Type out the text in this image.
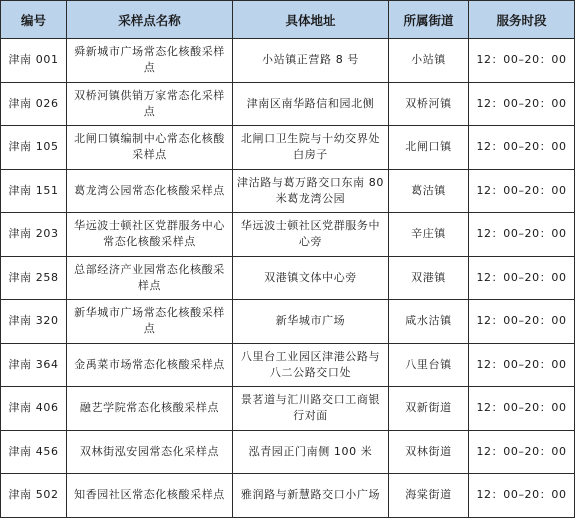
编号	采样点名称	具体地址	所属街道	服务时段
津南 001	舜新城市广场常态化核酸采样点	小站镇正营路 8 号	小站镇	12：00–20：00
津南 026	双桥河镇供销万家常态化采样点	津南区南华路信和园北侧	双桥河镇	12：00–20：00
津南 105	北闸口镇编制中心常态化核酸采样点	北闸口卫生院与十幼交界处白房子	北闸口镇	12：00–20：00
津南 151	葛龙湾公园常态化核酸采样点	津沽路与葛万路交口东南 80 米葛龙湾公园	葛沽镇	12：00–20：00
津南 203	华远波士顿社区党群服务中心常态化核酸采样点	华远波士顿社区党群服务中心旁	辛庄镇	12：00–20：00
津南 258	总部经济产业园常态化核酸采样点	双港镇文体中心旁	双港镇	12：00–20：00
津南 320	新华城市广场常态化核酸采样点	新华城市广场	咸水沽镇	12：00–20：00
津南 364	金禹菜市场常态化核酸采样点	八里台工业园区津港公路与八二公路交口处	八里台镇	12：00–20：00
津南 406	融艺学院常态化核酸采样点	景茗道与汇川路交口工商银行对面	双新街道	12：00–20：00
津南 456	双林街泓安园常态化采样点	泓青园正门南侧 100 米	双林街道	12：00–20：00
津南 502	知香园社区常态化核酸采样点	雅润路与新慧路交口小广场	海棠街道	12：00–20：00
